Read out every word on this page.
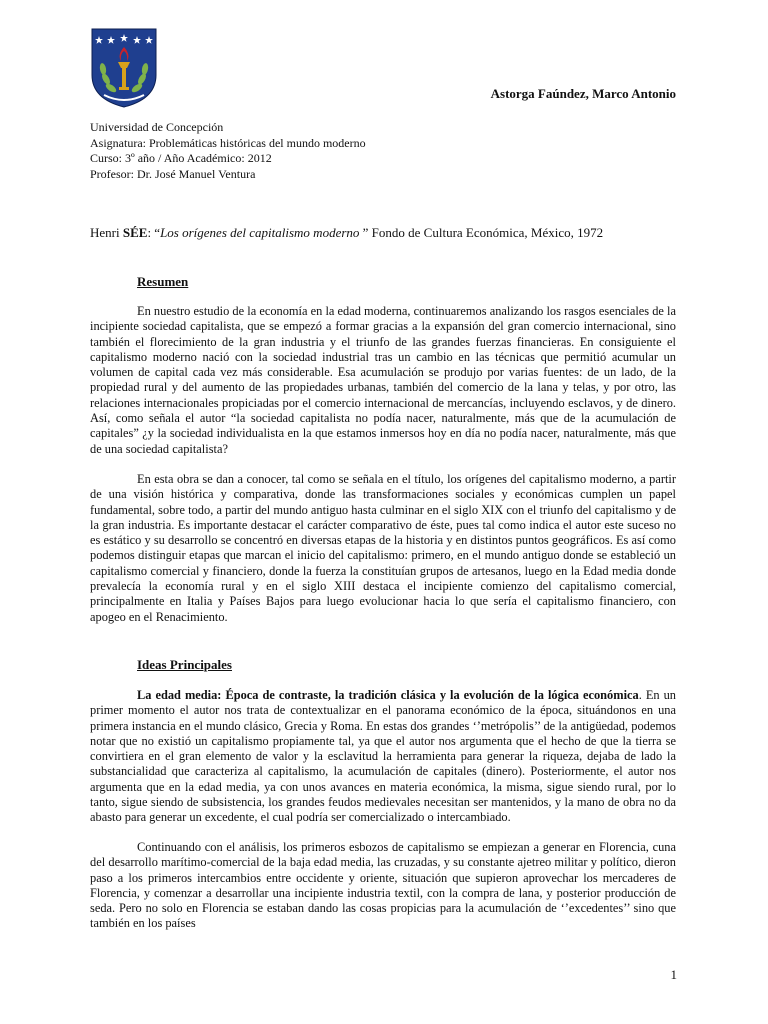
Astorga Faúndez, Marco Antonio
Universidad de Concepción
Asignatura: Problemáticas históricas del mundo moderno
Curso: 3º año / Año Académico: 2012
Profesor: Dr. José Manuel Ventura
Henri SÉE: “Los orígenes del capitalismo moderno ” Fondo de Cultura Económica, México, 1972
Resumen

En nuestro estudio de la economía en la edad moderna, continuaremos analizando los rasgos esenciales de la incipiente sociedad capitalista, que se empezó a formar gracias a la expansión del gran comercio internacional, sino también el florecimiento de la gran industria y el triunfo de las grandes fuerzas financieras. En consiguiente el capitalismo moderno nació con la sociedad industrial tras un cambio en las técnicas que permitió acumular un volumen de capital cada vez más considerable. Esa acumulación se produjo por varias fuentes: de un lado, de la propiedad rural y del aumento de las propiedades urbanas, también del comercio de la lana y telas, y por otro, las relaciones internacionales propiciadas por el comercio internacional de mercancías, incluyendo esclavos, y de dinero. Así, como señala el autor “la sociedad capitalista no podía nacer, naturalmente, más que de la acumulación de capitales” ¿y la sociedad individualista en la que estamos inmersos hoy en día no podía nacer, naturalmente, más que de una sociedad capitalista?

En esta obra se dan a conocer, tal como se señala en el título, los orígenes del capitalismo moderno, a partir de una visión histórica y comparativa, donde las transformaciones sociales y económicas cumplen un papel fundamental, sobre todo, a partir del mundo antiguo hasta culminar en el siglo XIX con el triunfo del capitalismo y de la gran industria. Es importante destacar el carácter comparativo de éste, pues tal como indica el autor este suceso no es estático y su desarrollo se concentró en diversas etapas de la historia y en distintos puntos geográficos. Es así como podemos distinguir etapas que marcan el inicio del capitalismo: primero, en el mundo antiguo donde se estableció un capitalismo comercial y financiero, donde la fuerza la constituían grupos de artesanos, luego en la Edad media donde prevalecía la economía rural y en el siglo XIII destaca el incipiente comienzo del capitalismo comercial, principalmente en Italia y Países Bajos para luego evolucionar hacia lo que sería el capitalismo financiero, con apogeo en el Renacimiento.

Ideas Principales

La edad media: Época de contraste, la tradición clásica y la evolución de la lógica económica. En un primer momento el autor nos trata de contextualizar en el panorama económico de la época, situándonos en una primera instancia en el mundo clásico, Grecia y Roma. En estas dos grandes ‘’metrópolis’’ de la antigüedad, podemos notar que no existió un capitalismo propiamente tal, ya que el autor nos argumenta que el hecho de que la tierra se convirtiera en el gran elemento de valor y la esclavitud la herramienta para generar la riqueza, dejaba de lado la substancialidad que caracteriza al capitalismo, la acumulación de capitales (dinero). Posteriormente, el autor nos argumenta que en la edad media, ya con unos avances en materia económica, la misma, sigue siendo rural, por lo tanto, sigue siendo de subsistencia, los grandes feudos medievales necesitan ser mantenidos, y la mano de obra no da abasto para generar un excedente, el cual podría ser comercializado o intercambiado.

Continuando con el análisis, los primeros esbozos de capitalismo se empiezan a generar en Florencia, cuna del desarrollo marítimo-comercial de la baja edad media, las cruzadas, y su constante ajetreo militar y político, dieron paso a los primeros intercambios entre occidente y oriente, situación que supieron aprovechar los mercaderes de Florencia, y comenzar a desarrollar una incipiente industria textil, con la compra de lana, y posterior producción de seda. Pero no solo en Florencia se estaban dando las cosas propicias para la acumulación de ‘’excedentes’’ sino que también en los países

1
